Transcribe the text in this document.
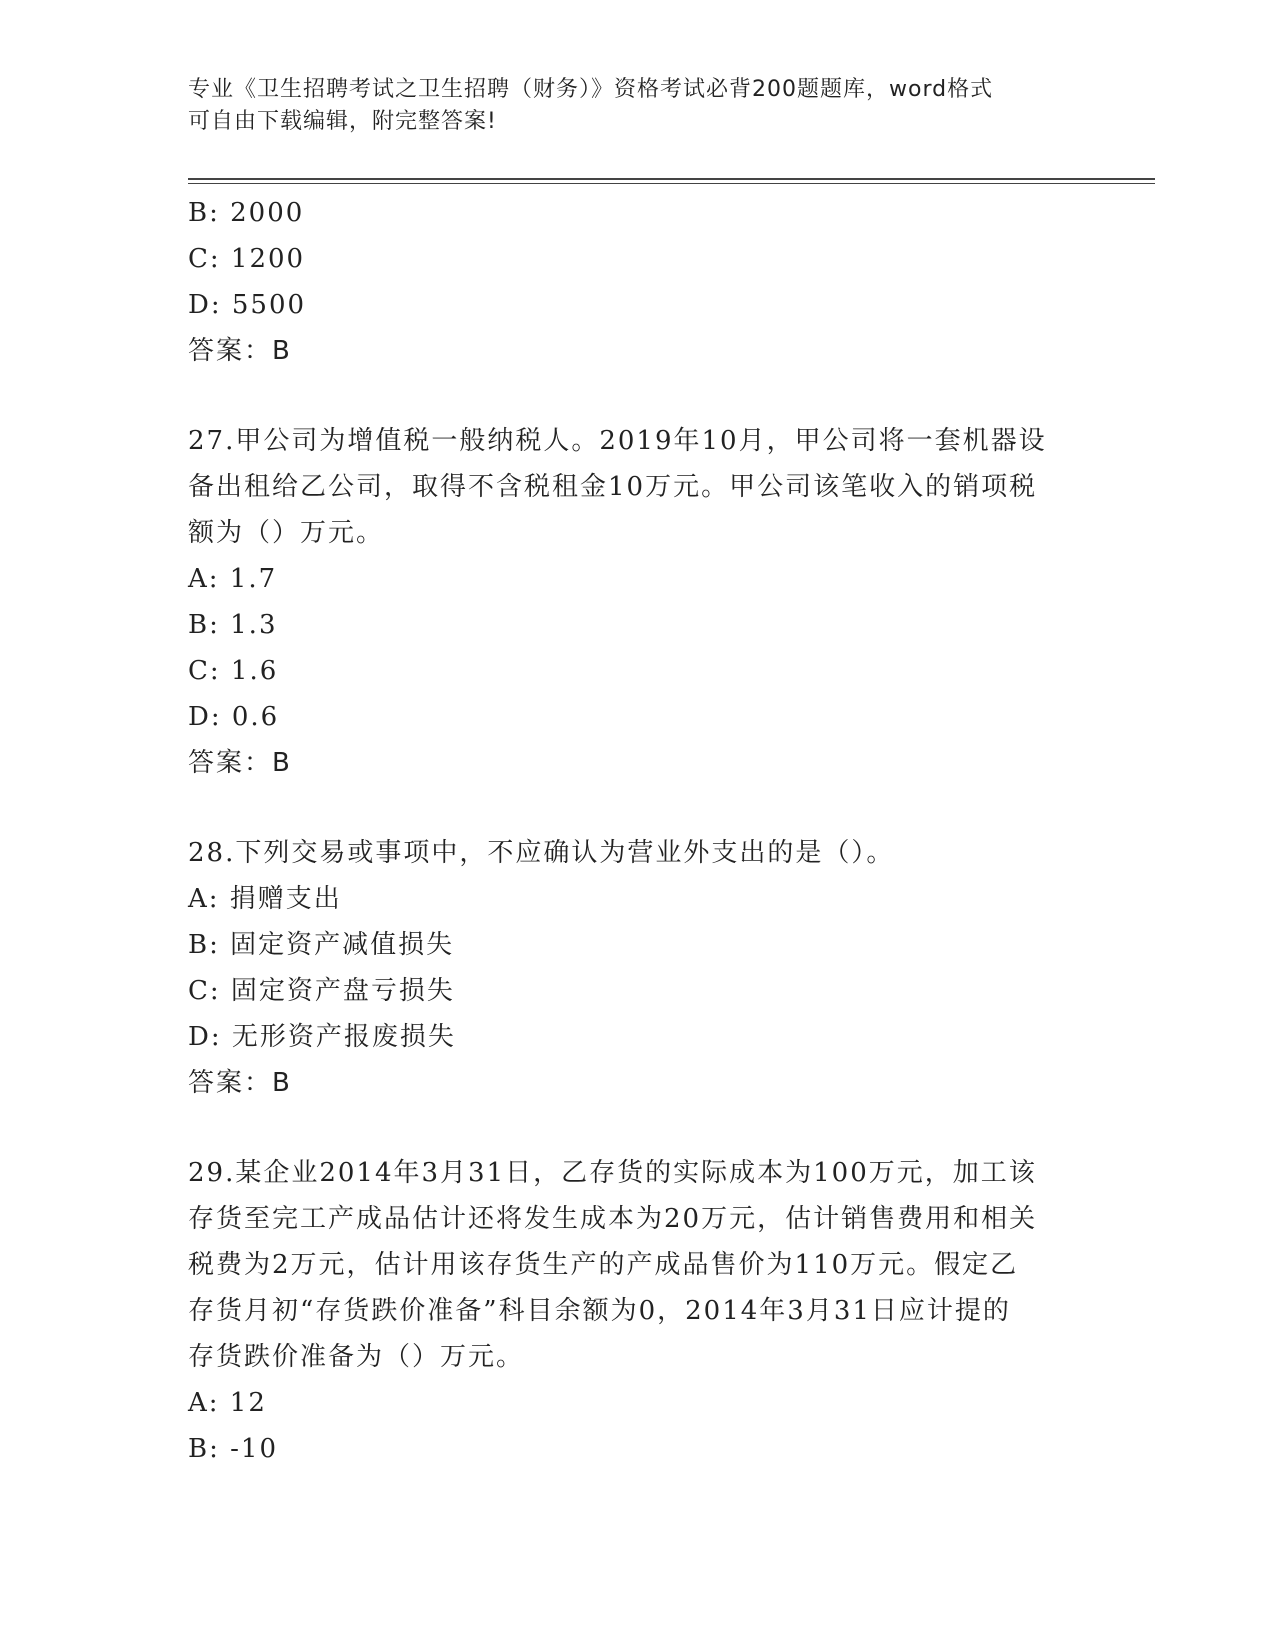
专业《卫生招聘考试之卫生招聘（财务）》资格考试必背200题题库，word格式
可自由下载编辑，附完整答案!
B: 2000
C: 1200
D: 5500
答案：B
27.甲公司为增值税一般纳税人。2019年10月，甲公司将一套机器设
备出租给乙公司，取得不含税租金10万元。甲公司该笔收入的销项税
额为（）万元。
A: 1.7
B: 1.3
C: 1.6
D: 0.6
答案：B
28.下列交易或事项中，不应确认为营业外支出的是（）。
A: 捐赠支出
B: 固定资产减值损失
C: 固定资产盘亏损失
D: 无形资产报废损失
答案：B
29.某企业2014年3月31日，乙存货的实际成本为100万元，加工该
存货至完工产成品估计还将发生成本为20万元，估计销售费用和相关
税费为2万元，估计用该存货生产的产成品售价为110万元。假定乙
存货月初“存货跌价准备”科目余额为0，2014年3月31日应计提的
存货跌价准备为（）万元。
A: 12
B: -10
